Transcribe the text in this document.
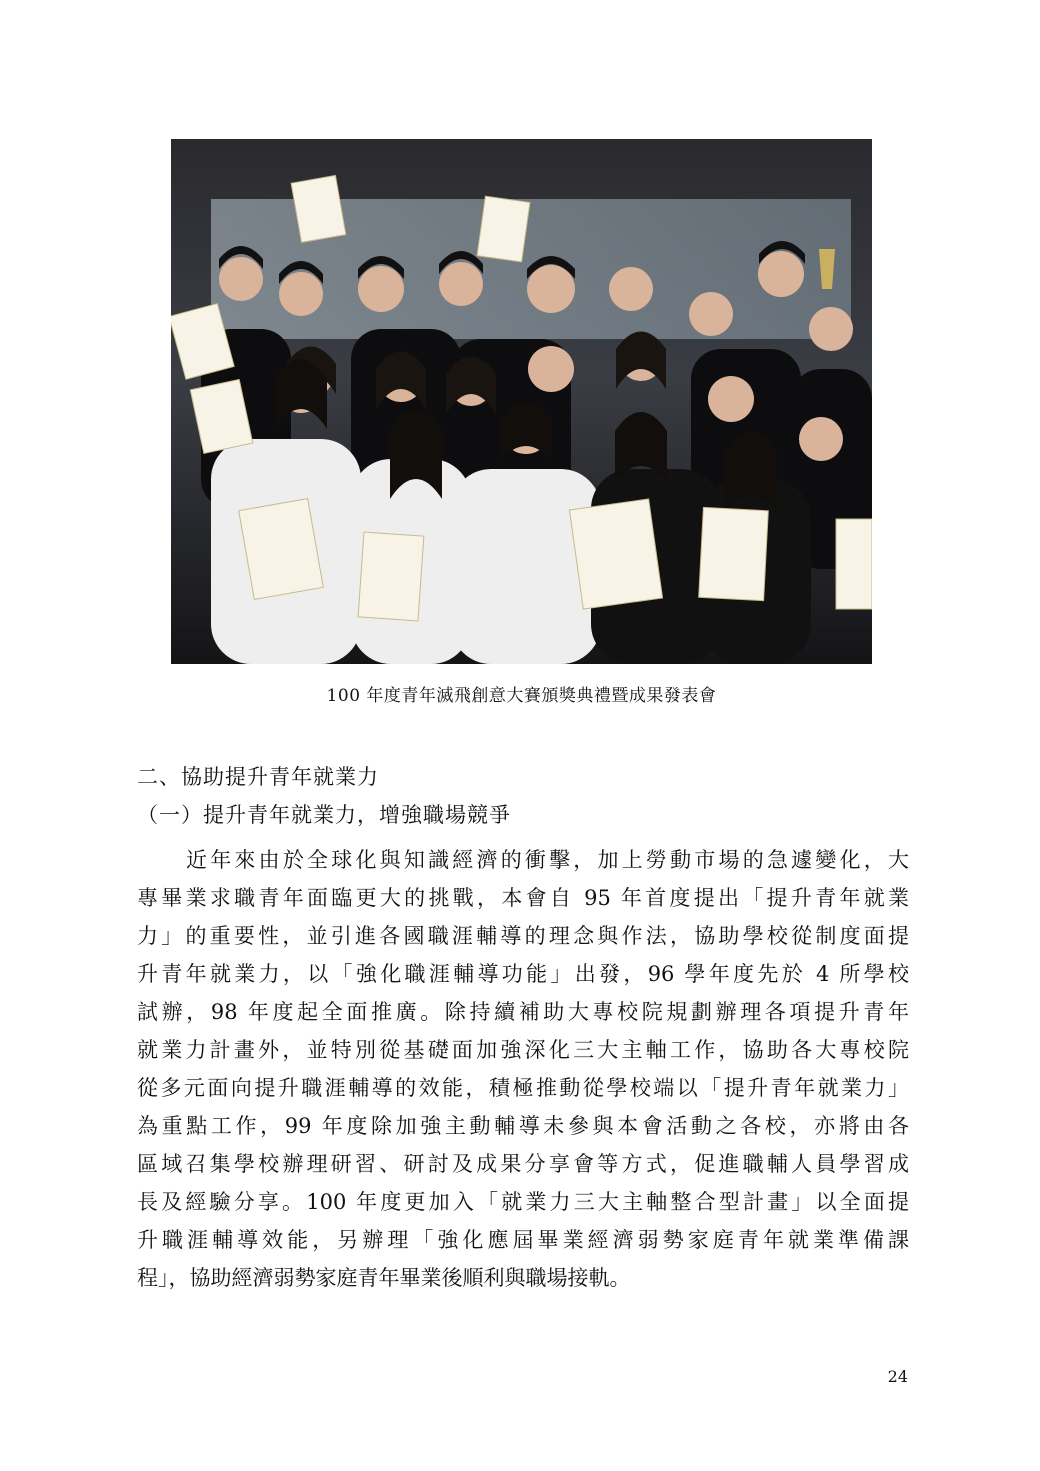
100 年度青年滅飛創意大賽頒獎典禮暨成果發表會
二、協助提升青年就業力
（一）提升青年就業力，增強職場競爭
近年來由於全球化與知識經濟的衝擊，加上勞動市場的急遽變化，大
專畢業求職青年面臨更大的挑戰，本會自 95 年首度提出「提升青年就業
力」的重要性，並引進各國職涯輔導的理念與作法，協助學校從制度面提
升青年就業力，以「強化職涯輔導功能」出發，96 學年度先於 4 所學校
試辦，98 年度起全面推廣。除持續補助大專校院規劃辦理各項提升青年
就業力計畫外，並特別從基礎面加強深化三大主軸工作，協助各大專校院
從多元面向提升職涯輔導的效能，積極推動從學校端以「提升青年就業力」
為重點工作，99 年度除加強主動輔導未參與本會活動之各校，亦將由各
區域召集學校辦理研習、研討及成果分享會等方式，促進職輔人員學習成
長及經驗分享。100 年度更加入「就業力三大主軸整合型計畫」以全面提
升職涯輔導效能，另辦理「強化應屆畢業經濟弱勢家庭青年就業準備課
程」，協助經濟弱勢家庭青年畢業後順利與職場接軌。
24
